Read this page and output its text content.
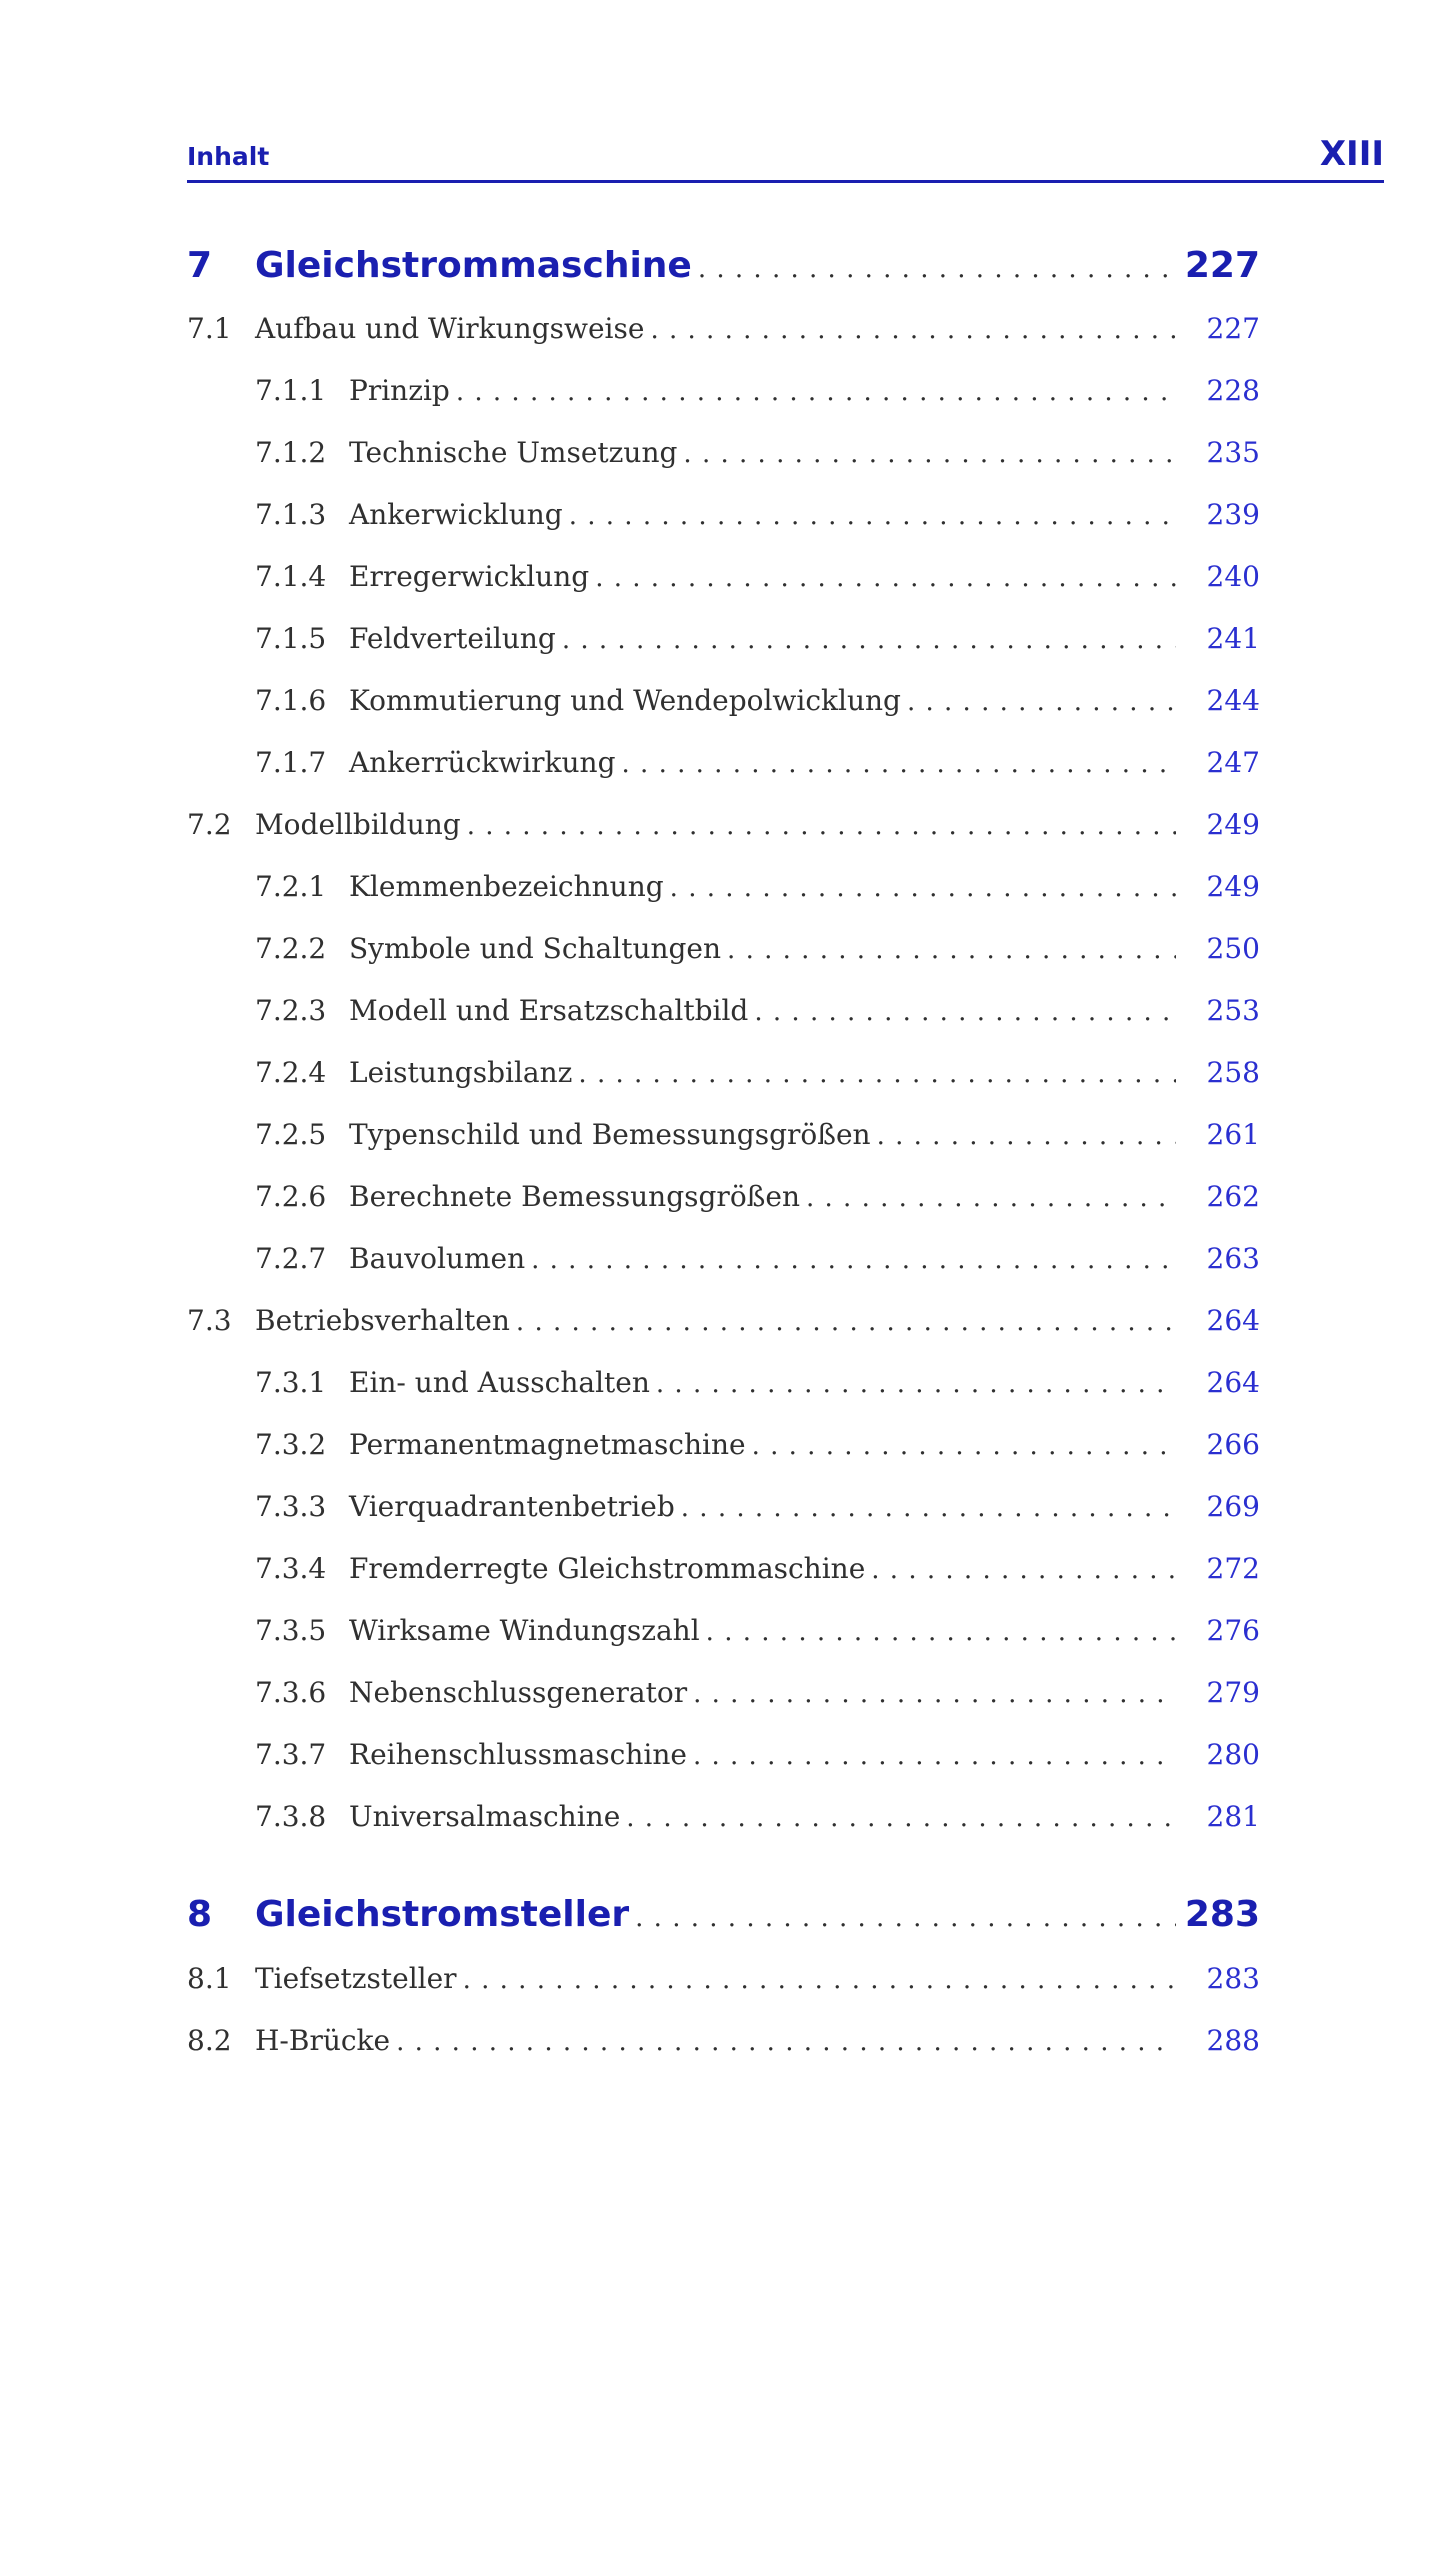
Inhalt	XIII
7	Gleichstrommaschine . . .	227
7.1 Aufbau und Wirkungsweise . . .	227
7.1.1 Prinzip . . .	228
7.1.2 Technische Umsetzung . . .	235
7.1.3 Ankerwicklung . . .	239
7.1.4 Erregerwicklung . . .	240
7.1.5 Feldverteilung . . .	241
7.1.6 Kommutierung und Wendepolwicklung . . .	244
7.1.7 Ankerrückwirkung . . .	247
7.2 Modellbildung . . .	249
7.2.1 Klemmenbezeichnung . . .	249
7.2.2 Symbole und Schaltungen . . .	250
7.2.3 Modell und Ersatzschaltbild . . .	253
7.2.4 Leistungsbilanz . . .	258
7.2.5 Typenschild und Bemessungsgrößen . . .	261
7.2.6 Berechnete Bemessungsgrößen . . .	262
7.2.7 Bauvolumen . . .	263
7.3 Betriebsverhalten . . .	264
7.3.1 Ein- und Ausschalten . . .	264
7.3.2 Permanentmagnetmaschine . . .	266
7.3.3 Vierquadrantenbetrieb . . .	269
7.3.4 Fremderregte Gleichstrommaschine . . .	272
7.3.5 Wirksame Windungszahl . . .	276
7.3.6 Nebenschlussgenerator . . .	279
7.3.7 Reihenschlussmaschine . . .	280
7.3.8 Universalmaschine . . .	281
8	Gleichstromsteller . . .	283
8.1 Tiefsetzsteller . . .	283
8.2 H-Brücke . . .	288
